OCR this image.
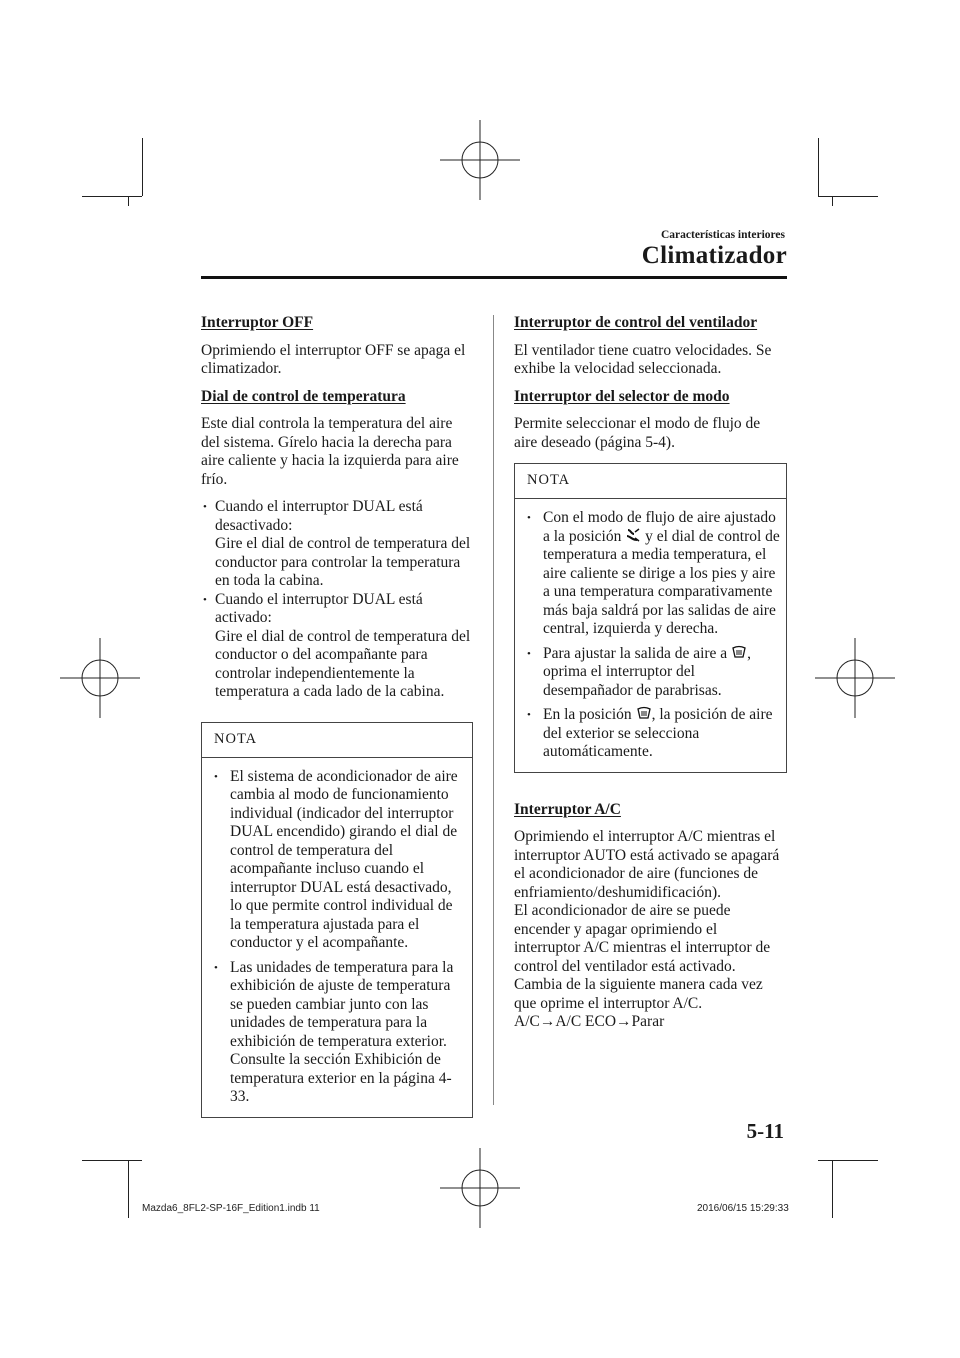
Características interiores
Climatizador

Interruptor OFF

Oprimiendo el interruptor OFF se apaga el climatizador.

Dial de control de temperatura

Este dial controla la temperatura del aire del sistema. Gírelo hacia la derecha para aire caliente y hacia la izquierda para aire frío.

• Cuando el interruptor DUAL está desactivado:
Gire el dial de control de temperatura del conductor para controlar la temperatura en toda la cabina.
• Cuando el interruptor DUAL está activado:
Gire el dial de control de temperatura del conductor o del acompañante para controlar independientemente la temperatura a cada lado de la cabina.
NOTA
• El sistema de acondicionador de aire cambia al modo de funcionamiento individual (indicador del interruptor DUAL encendido) girando el dial de control de temperatura del acompañante incluso cuando el interruptor DUAL está desactivado, lo que permite control individual de la temperatura ajustada para el conductor y el acompañante.
• Las unidades de temperatura para la exhibición de ajuste de temperatura se pueden cambiar junto con las unidades de temperatura para la exhibición de temperatura exterior. Consulte la sección Exhibición de temperatura exterior en la página 4-33.

Interruptor de control del ventilador

El ventilador tiene cuatro velocidades. Se exhibe la velocidad seleccionada.

Interruptor del selector de modo

Permite seleccionar el modo de flujo de aire deseado (página 5-4).

NOTA
• Con el modo de flujo de aire ajustado a la posición y el dial de control de temperatura a media temperatura, el aire caliente se dirige a los pies y aire a una temperatura comparativamente más baja saldrá por las salidas de aire central, izquierda y derecha.
• Para ajustar la salida de aire a , oprima el interruptor del desempañador de parabrisas.
• En la posición , la posición de aire del exterior se selecciona automáticamente.

Interruptor A/C

Oprimiendo el interruptor A/C mientras el interruptor AUTO está activado se apagará el acondicionador de aire (funciones de enfriamiento/deshumidificación).

El acondicionador de aire se puede encender y apagar oprimiendo el interruptor A/C mientras el interruptor de control del ventilador está activado.

Cambia de la siguiente manera cada vez que oprime el interruptor A/C.

A/C→A/C ECO→Parar

5-11
Mazda6_8FL2-SP-16F_Edition1.indb 11	2016/06/15 15:29:33
